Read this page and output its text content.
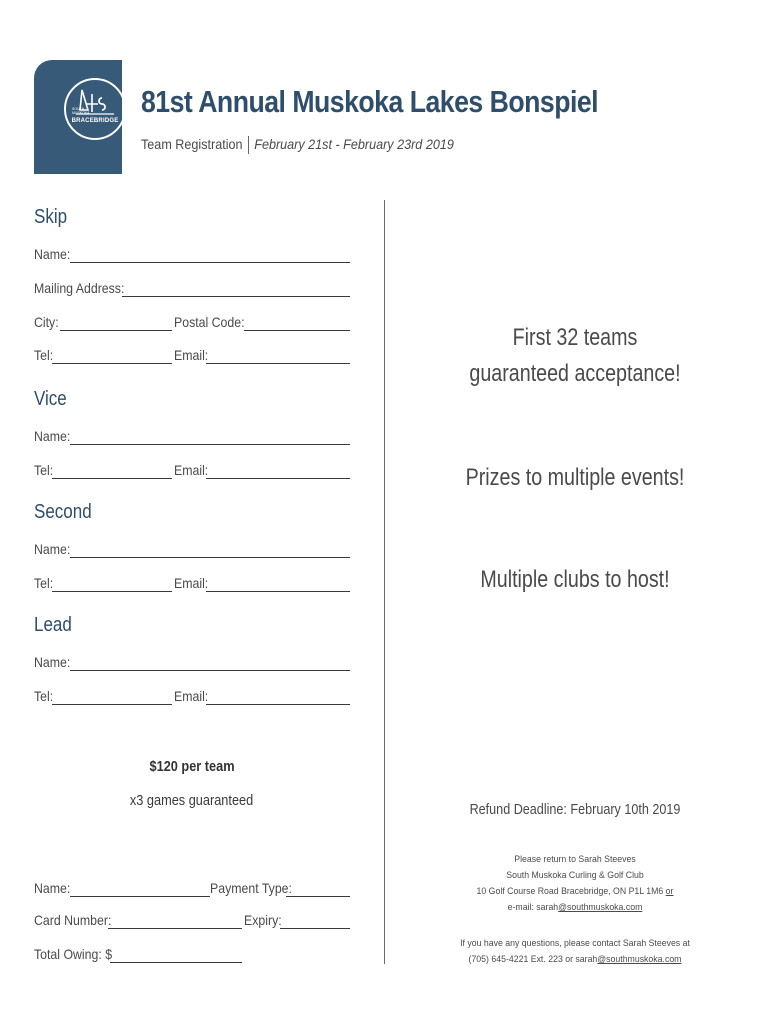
SOUTH
MUSKOKA
BRACEBRIDGE
81st Annual Muskoka Lakes Bonspiel
Team Registration February 21st - February 23rd 2019
Skip
Name:
Mailing Address:
City:	Postal Code:
Tel:	Email:
Vice
Name:
Tel:	Email:
Second
Name:
Tel:	Email:
Lead
Name:
Tel:	Email:
$120 per team
x3 games guaranteed
Name:	Payment Type:
Card Number:	Expiry:
Total Owing: $
First 32 teams
guaranteed acceptance!
Prizes to multiple events!
Multiple clubs to host!
Refund Deadline: February 10th 2019
Please return to Sarah Steeves
South Muskoka Curling & Golf Club
10 Golf Course Road Bracebridge, ON P1L 1M6 or
e-mail: sarah@southmuskoka.com
If you have any questions, please contact Sarah Steeves at
(705) 645-4221 Ext. 223 or sarah@southmuskoka.com
